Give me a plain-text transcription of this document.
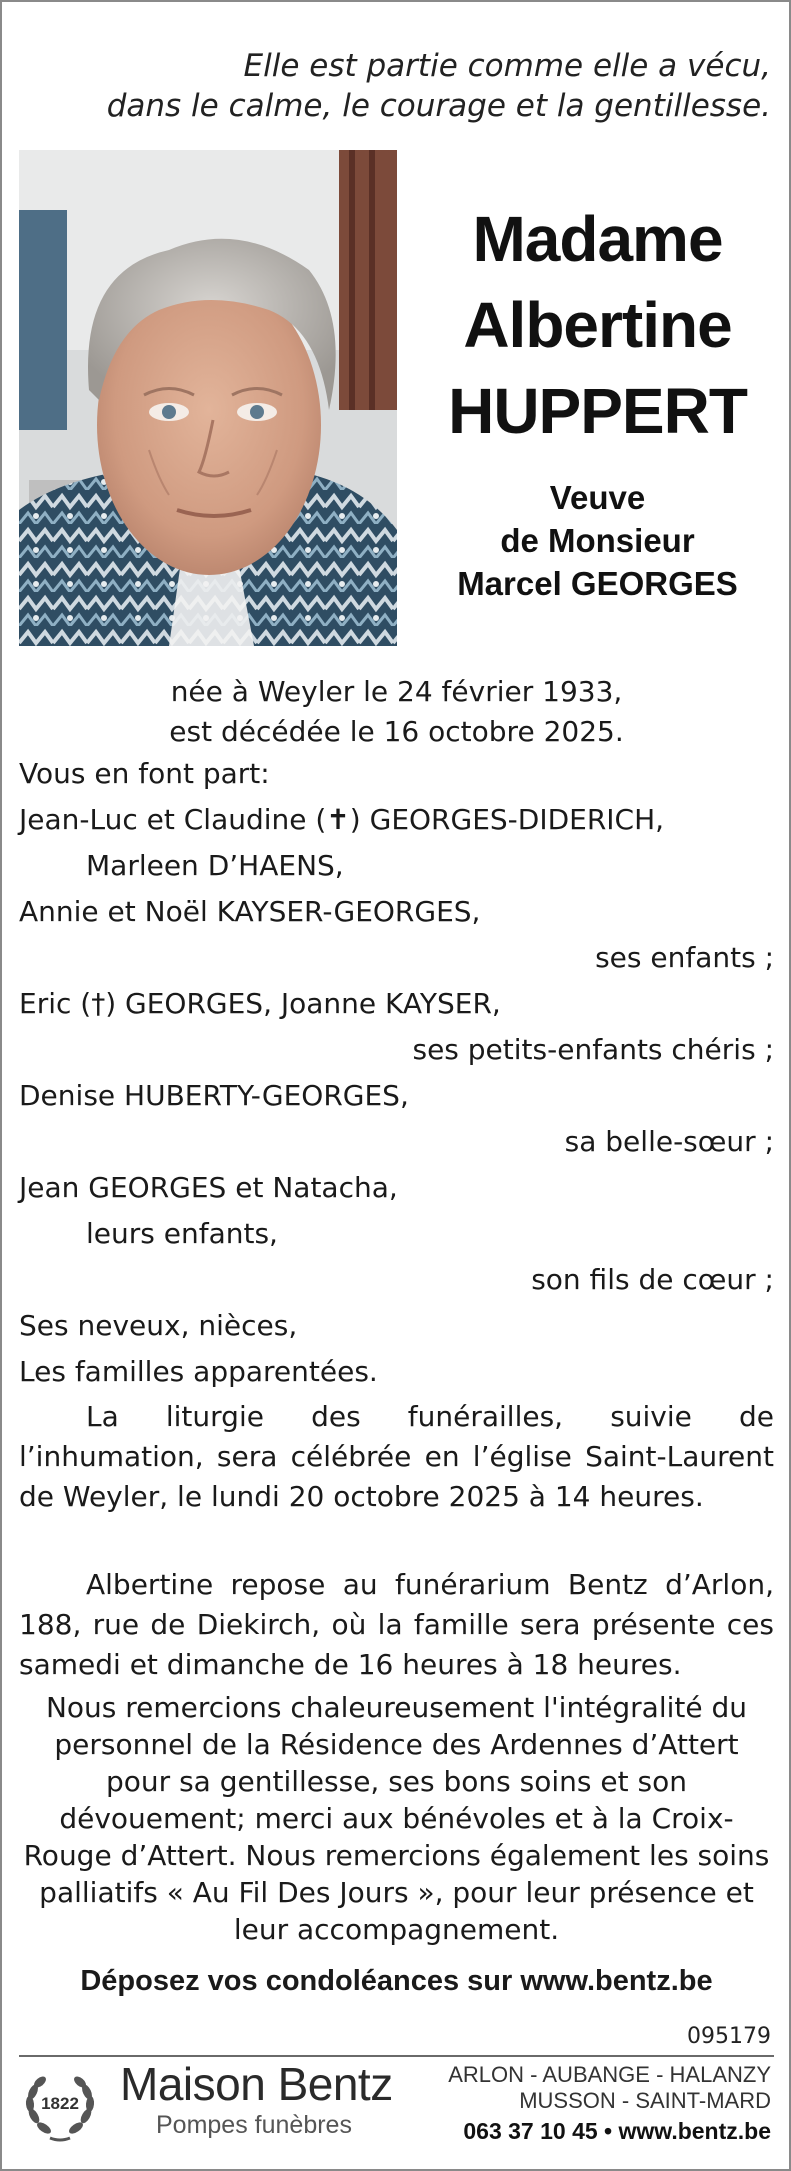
Elle est partie comme elle a vécu,
dans le calme, le courage et la gentillesse.
Madame
Albertine
HUPPERT
Veuve
de Monsieur
Marcel GEORGES
née à Weyler le 24 février 1933,
est décédée le 16 octobre 2025.
Vous en font part:
Jean-Luc et Claudine (✝) GEORGES-DIDERICH,
Marleen D’HAENS,
Annie et Noël KAYSER-GEORGES,
ses enfants ;
Eric (†) GEORGES, Joanne KAYSER,
ses petits-enfants chéris ;
Denise HUBERTY-GEORGES,
sa belle-sœur ;
Jean GEORGES et Natacha,
leurs enfants,
son fils de cœur ;
Ses neveux, nièces,
Les familles apparentées.
La liturgie des funérailles, suivie de l’inhumation, sera célébrée en l’église Saint-Laurent de Weyler, le lundi 20 octobre 2025 à 14 heures.
Albertine repose au funérarium Bentz d’Arlon, 188, rue de Diekirch, où la famille sera présente ces samedi et dimanche de 16 heures à 18 heures.
Nous remercions chaleureusement l'intégralité du personnel de la Résidence des Ardennes d’Attert pour sa gentillesse, ses bons soins et son dévouement; merci aux bénévoles et à la Croix-Rouge d’Attert. Nous remercions également les soins palliatifs « Au Fil Des Jours », pour leur présence et leur accompagnement.
Déposez vos condoléances sur www.bentz.be
095179
1822 Maison Bentz
Pompes funèbres
ARLON - AUBANGE - HALANZY
MUSSON - SAINT-MARD
063 37 10 45 • www.bentz.be
